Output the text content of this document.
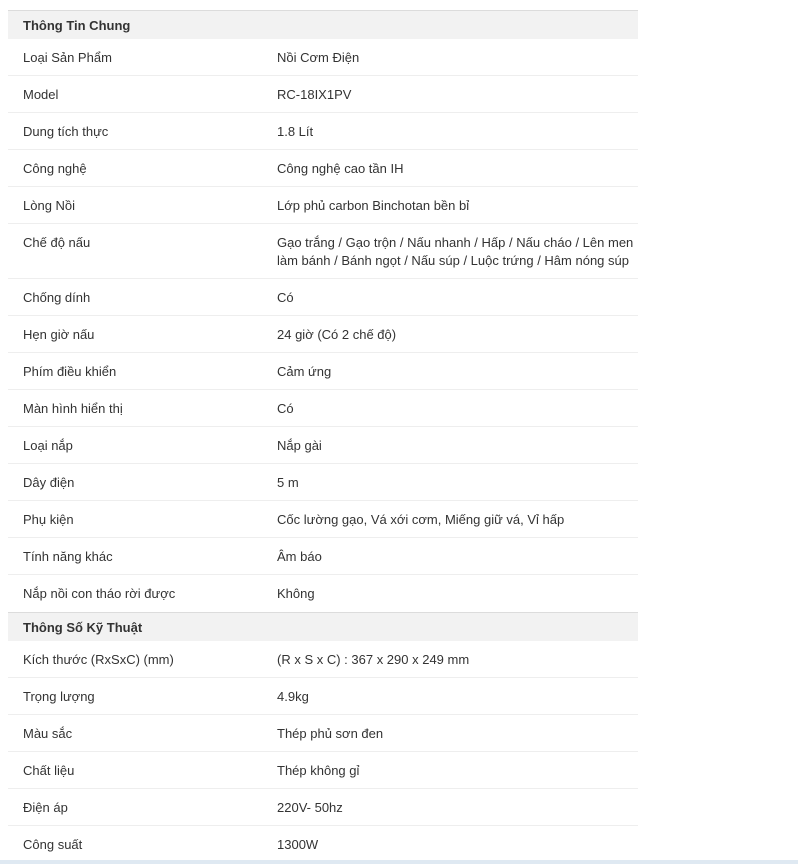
Thông Tin Chung
Loại Sản Phẩm	Nồi Cơm Điện
Model	RC-18IX1PV
Dung tích thực	1.8 Lít
Công nghệ	Công nghệ cao tần IH
Lòng Nồi	Lớp phủ carbon Binchotan bền bỉ
Chế độ nấu	Gạo trắng / Gạo trộn / Nấu nhanh / Hấp / Nấu cháo / Lên men
làm bánh / Bánh ngọt / Nấu súp / Luộc trứng / Hâm nóng súp
Chống dính	Có
Hẹn giờ nấu	24 giờ (Có 2 chế độ)
Phím điều khiển	Cảm ứng
Màn hình hiển thị	Có
Loại nắp	Nắp gài
Dây điện	5 m
Phụ kiện	Cốc lường gạo, Vá xới cơm, Miếng giữ vá, Vỉ hấp
Tính năng khác	Âm báo
Nắp nồi con tháo rời được	Không
Thông Số Kỹ Thuật
Kích thước (RxSxC) (mm)	(R x S x C) : 367 x 290 x 249 mm
Trọng lượng	4.9kg
Màu sắc	Thép phủ sơn đen
Chất liệu	Thép không gỉ
Điện áp	220V- 50hz
Công suất	1300W
